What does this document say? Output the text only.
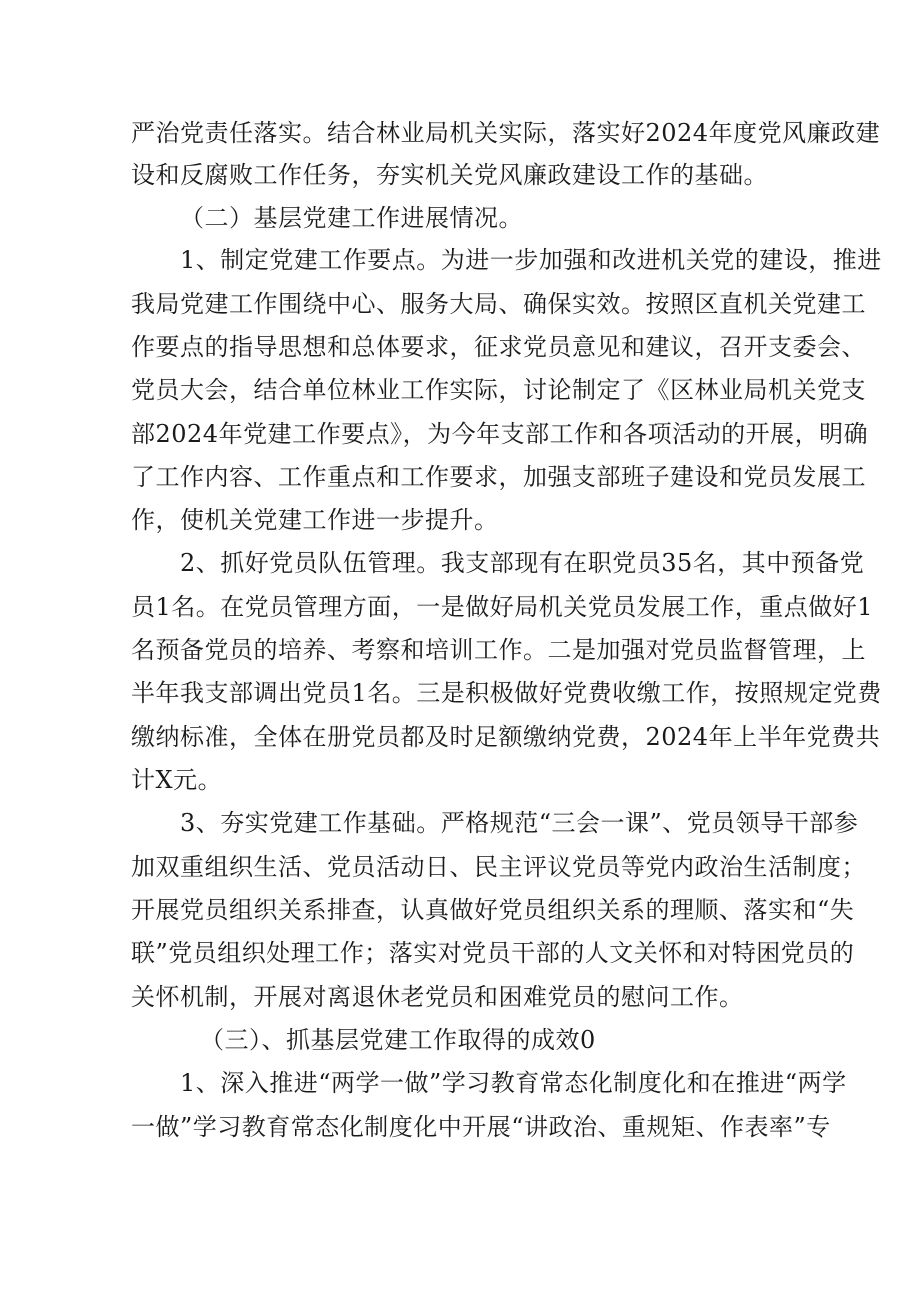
严治党责任落实。结合林业局机关实际，落实好2024年度党风廉政建
设和反腐败工作任务，夯实机关党风廉政建设工作的基础。
（二）基层党建工作进展情况。
1、制定党建工作要点。为进一步加强和改进机关党的建设，推进
我局党建工作围绕中心、服务大局、确保实效。按照区直机关党建工
作要点的指导思想和总体要求，征求党员意见和建议，召开支委会、
党员大会，结合单位林业工作实际，讨论制定了《区林业局机关党支
部2024年党建工作要点》，为今年支部工作和各项活动的开展，明确
了工作内容、工作重点和工作要求，加强支部班子建设和党员发展工
作，使机关党建工作进一步提升。
2、抓好党员队伍管理。我支部现有在职党员35名，其中预备党
员1名。在党员管理方面，一是做好局机关党员发展工作，重点做好1
名预备党员的培养、考察和培训工作。二是加强对党员监督管理，上
半年我支部调出党员1名。三是积极做好党费收缴工作，按照规定党费
缴纳标准，全体在册党员都及时足额缴纳党费，2024年上半年党费共
计X元。
3、夯实党建工作基础。严格规范“三会一课”、党员领导干部参
加双重组织生活、党员活动日、民主评议党员等党内政治生活制度；
开展党员组织关系排查，认真做好党员组织关系的理顺、落实和“失
联”党员组织处理工作；落实对党员干部的人文关怀和对特困党员的
关怀机制，开展对离退休老党员和困难党员的慰问工作。
（三）、抓基层党建工作取得的成效0
1、深入推进“两学一做”学习教育常态化制度化和在推进“两学
一做”学习教育常态化制度化中开展“讲政治、重规矩、作表率”专
